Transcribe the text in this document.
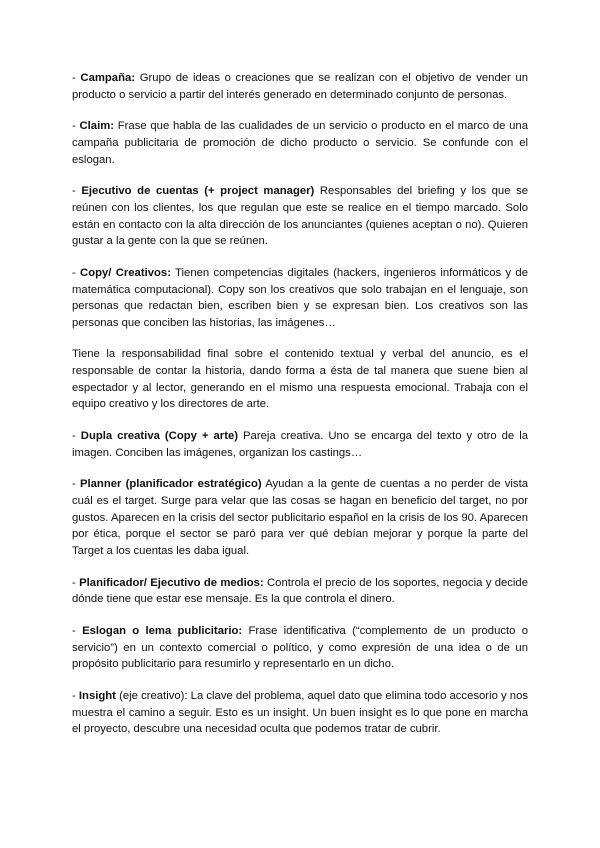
- Campaña: Grupo de ideas o creaciones que se realizan con el objetivo de vender un producto o servicio a partir del interés generado en determinado conjunto de personas.

- Claim: Frase que habla de las cualidades de un servicio o producto en el marco de una campaña publicitaria de promoción de dicho producto o servicio. Se confunde con el eslogan.

- Ejecutivo de cuentas (+ project manager) Responsables del briefing y los que se reúnen con los clientes, los que regulan que este se realice en el tiempo marcado. Solo están en contacto con la alta dirección de los anunciantes (quienes aceptan o no). Quieren gustar a la gente con la que se reúnen.

- Copy/ Creativos: Tienen competencias digitales (hackers, ingenieros informáticos y de matemática computacional). Copy son los creativos que solo trabajan en el lenguaje, son personas que redactan bien, escriben bien y se expresan bien. Los creativos son las personas que conciben las historias, las imágenes…

Tiene la responsabilidad final sobre el contenido textual y verbal del anuncio, es el responsable de contar la historia, dando forma a ésta de tal manera que suene bien al espectador y al lector, generando en el mismo una respuesta emocional. Trabaja con el equipo creativo y los directores de arte.

- Dupla creativa (Copy + arte) Pareja creativa. Uno se encarga del texto y otro de la imagen. Conciben las imágenes, organizan los castings…

- Planner (planificador estratégico) Ayudan a la gente de cuentas a no perder de vista cuál es el target. Surge para velar que las cosas se hagan en beneficio del target, no por gustos. Aparecen en la crisis del sector publicitario español en la crisis de los 90. Aparecen por ética, porque el sector se paró para ver qué debían mejorar y porque la parte del Target a los cuentas les daba igual.

- Planificador/ Ejecutivo de medios: Controla el precio de los soportes, negocia y decide dónde tiene que estar ese mensaje. Es la que controla el dinero.

- Eslogan o lema publicitario: Frase identificativa (“complemento de un producto o servicio”) en un contexto comercial o político, y como expresión de una idea o de un propósito publicitario para resumirlo y representarlo en un dicho.

- Insight (eje creativo): La clave del problema, aquel dato que elimina todo accesorio y nos muestra el camino a seguir. Esto es un insight. Un buen insight es lo que pone en marcha el proyecto, descubre una necesidad oculta que podemos tratar de cubrir.
